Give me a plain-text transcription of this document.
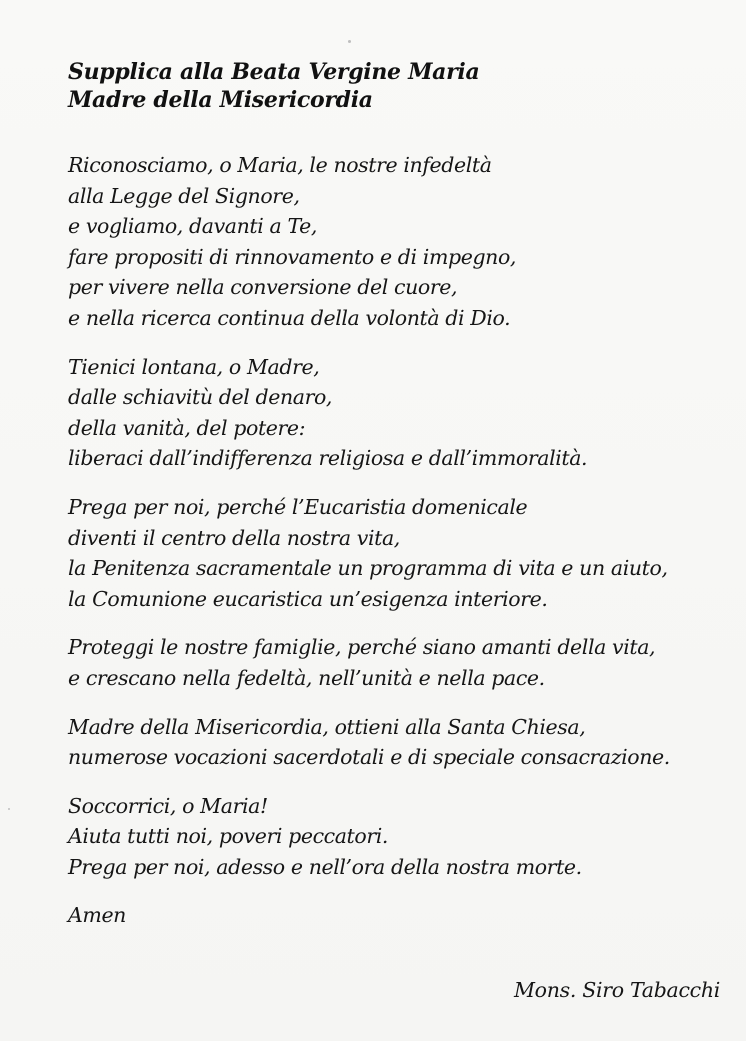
Supplica alla Beata Vergine Maria
Madre della Misericordia
Riconosciamo, o Maria, le nostre infedeltà
alla Legge del Signore,
e vogliamo, davanti a Te,
fare propositi di rinnovamento e di impegno,
per vivere nella conversione del cuore,
e nella ricerca continua della volontà di Dio.
Tienici lontana, o Madre,
dalle schiavitù del denaro,
della vanità, del potere:
liberaci dall’indifferenza religiosa e dall’immoralità.
Prega per noi, perché l’Eucaristia domenicale
diventi il centro della nostra vita,
la Penitenza sacramentale un programma di vita e un aiuto,
la Comunione eucaristica un’esigenza interiore.
Proteggi le nostre famiglie, perché siano amanti della vita,
e crescano nella fedeltà, nell’unità e nella pace.
Madre della Misericordia, ottieni alla Santa Chiesa,
numerose vocazioni sacerdotali e di speciale consacrazione.
Soccorrici, o Maria!
Aiuta tutti noi, poveri peccatori.
Prega per noi, adesso e nell’ora della nostra morte.
Amen
Mons. Siro Tabacchi
